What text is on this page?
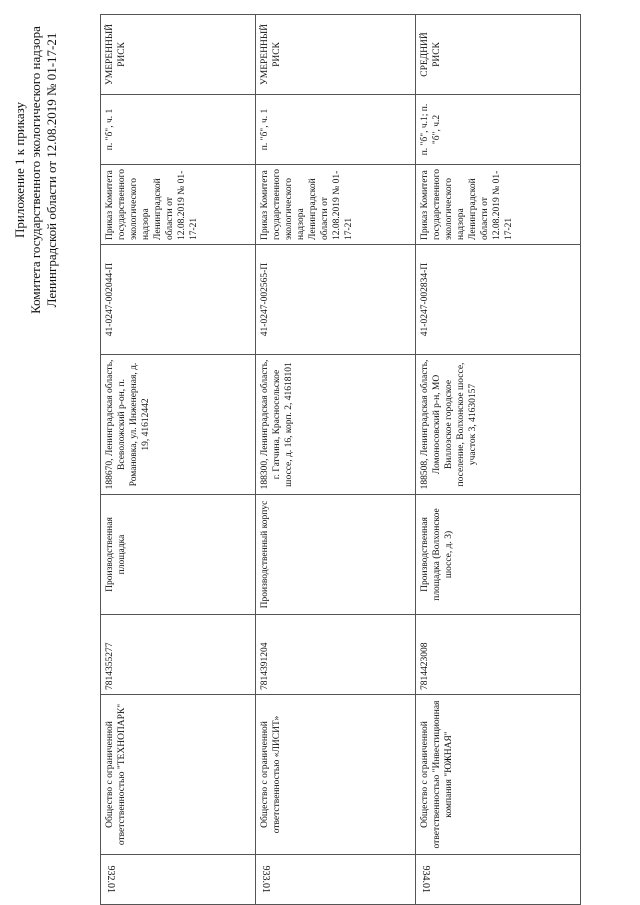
Приложение 1 к приказу Комитета государственного экологического надзора Ленинградской области от 12.08.2019 № 01-17-21
932.01	Общество с ограниченной ответственностью "ТЕХНОПАРК"	7814355277	Производственная площадка	188670, Ленинградская область, Всеволожский р-он, п. Романовка, ул. Инженерная, д. 19, 41612442	41-0247-002044-П	Приказ Комитета государственного экологического надзора Ленинградской области от 12.08.2019 № 01-17-21	п. "б", ч. 1	УМЕРЕННЫЙ РИСК
933.01	Общество с ограниченной ответственностью «ЛИСИТ»	7814391204	Производственный корпус	188300, Ленинградская область, г. Гатчина, Красносельское шоссе, д. 16, корп. 2, 41618101	41-0247-002565-П	Приказ Комитета государственного экологического надзора Ленинградской области от 12.08.2019 № 01-17-21	п. "б", ч. 1	УМЕРЕННЫЙ РИСК
934.01	Общество с ограниченной ответственностью "Инвестиционная компания "ЮЖНАЯ"	7814423008	Производственная площадка (Волхонское шоссе, д. 3)	188508, Ленинградская область, Ломоносовский р-н, МО Виллозское городское поселение, Волхонское шоссе, участок 3, 41630157	41-0247-002834-П	Приказ Комитета государственного экологического надзора Ленинградской области от 12.08.2019 № 01-17-21	п. "б", ч.1; п. "б", ч.2	СРЕДНИЙ РИСК
